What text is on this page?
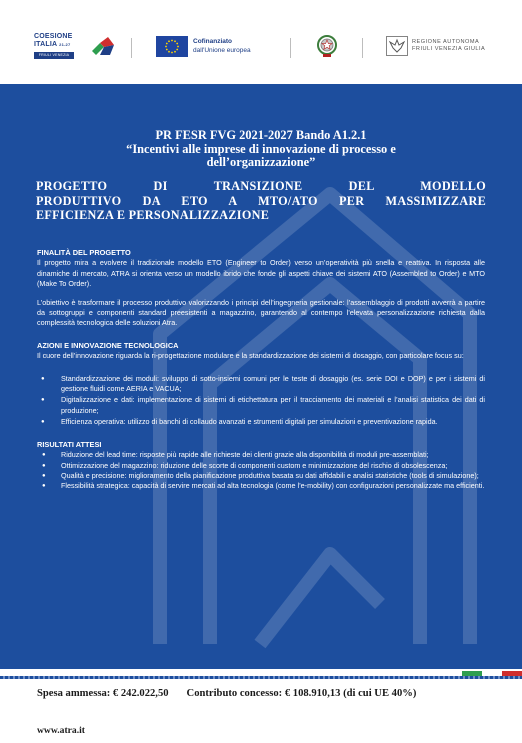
COESIONE
ITALIA $^{21-27}$
FRIULI VENEZIA GIULIA
Cofinanziato
dall'Unione europea
REGIONE AUTONOMA
FRIULI VENEZIA GIULIA
PR FESR FVG 2021-2027 Bando A1.2.1
“Incentivi alle imprese di innovazione di processo e
dell’organizzazione”
PROGETTO DI TRANSIZIONE DEL MODELLO
PRODUTTIVO DA ETO A MTO/ATO PER MASSIMIZZARE
EFFICIENZA E PERSONALIZZAZIONE

FINALITÀ DEL PROGETTO

Il progetto mira a evolvere il tradizionale modello ETO (Engineer to Order) verso un’operatività più snella e reattiva. In risposta alle dinamiche di mercato, ATRA si orienta verso un modello ibrido che fonde gli aspetti chiave dei sistemi ATO (Assembled to Order) e MTO (Make To Order).

L’obiettivo è trasformare il processo produttivo valorizzando i principi dell’ingegneria gestionale: l’assemblaggio di prodotti avverrà a partire da sottogruppi e componenti standard preesistenti a magazzino, garantendo al contempo l’elevata personalizzazione richiesta dalla complessità tecnologica delle soluzioni Atra.

AZIONI E INNOVAZIONE TECNOLOGICA

Il cuore dell’innovazione riguarda la ri-progettazione modulare e la standardizzazione dei sistemi di dosaggio, con particolare focus su:

● Standardizzazione dei moduli: sviluppo di sotto-insiemi comuni per le teste di dosaggio (es. serie DOI e DOP) e per i sistemi di gestione fluidi come AERIA e VACUA;
● Digitalizzazione e dati: implementazione di sistemi di etichettatura per il tracciamento dei materiali e l’analisi statistica dei dati di produzione;
● Efficienza operativa: utilizzo di banchi di collaudo avanzati e strumenti digitali per simulazioni e preventivazione rapida.

RISULTATI ATTESI

● Riduzione del lead time: risposte più rapide alle richieste dei clienti grazie alla disponibilità di moduli pre-assemblati;
● Ottimizzazione del magazzino: riduzione delle scorte di componenti custom e minimizzazione del rischio di obsolescenza;
● Qualità e precisione: miglioramento della pianificazione produttiva basata su dati affidabili e analisi statistiche (tools di simulazione);
● Flessibilità strategica: capacità di servire mercati ad alta tecnologia (come l’e-mobility) con configurazioni personalizzate ma efficienti.
Spesa ammessa: € 242.022,50 Contributo concesso: € 108.910,13 (di cui UE 40%)
www.atra.it
